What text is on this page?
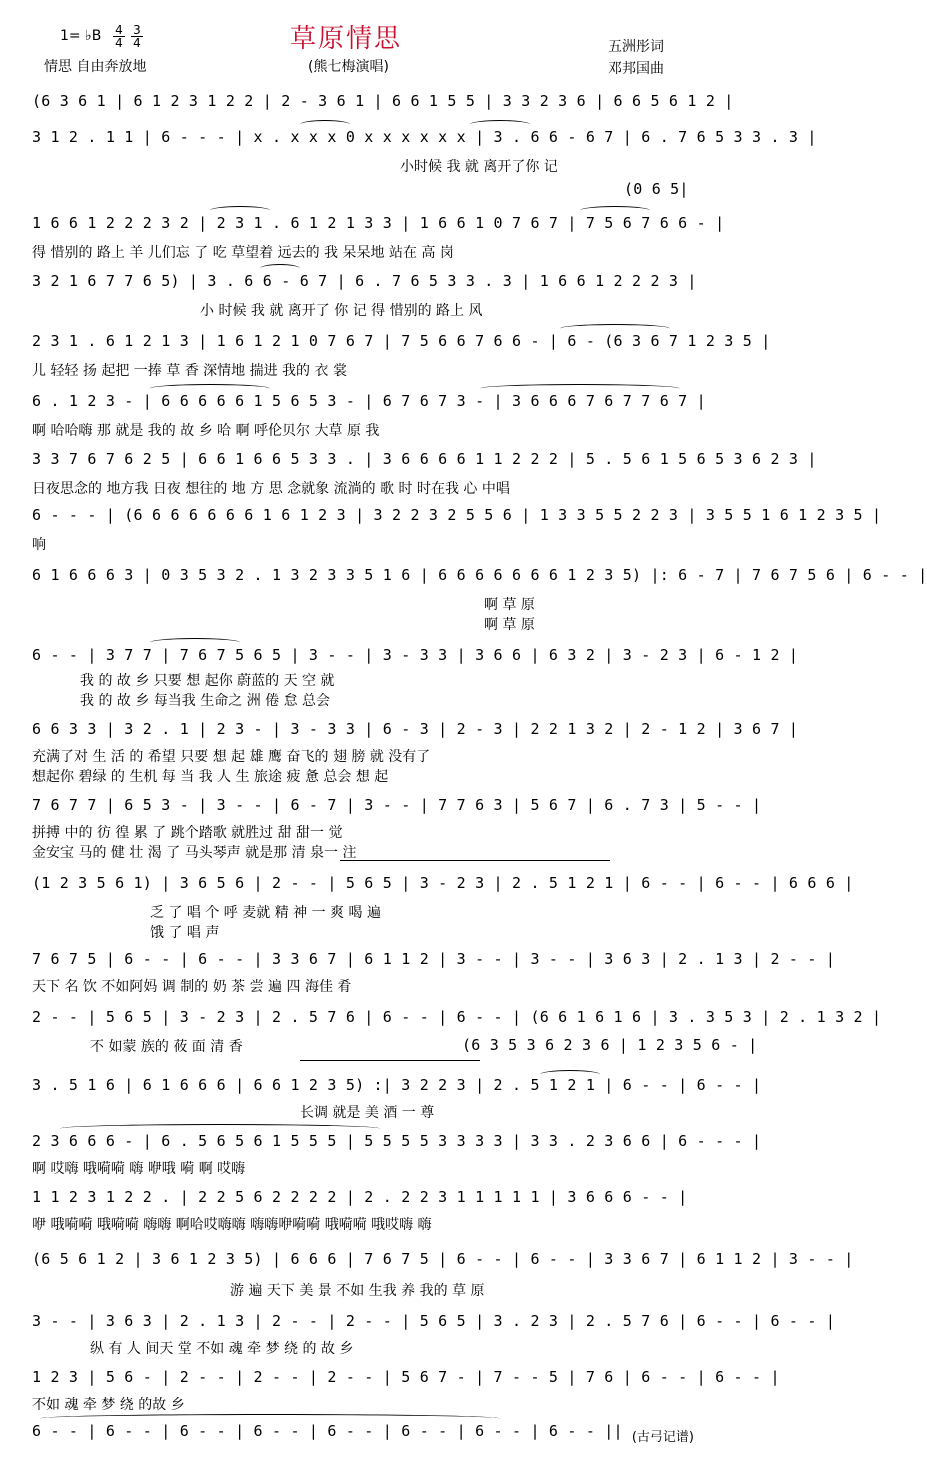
草原情思
(熊七梅演唱)
1= ♭B 4
4
3
4
情思 自由奔放地
五洲彤词
邓邦国曲
(6 3 6 1 | 6 1 2 3 1 2 2 | 2 - 3 6 1 | 6 6 1 5 5 | 3 3 2 3 6 | 6 6 5 6 1 2 |
3 1 2 . 1 1 | 6 - - - | x . x x x 0 x x x x x x | 3 . 6 6 - 6 7 | 6 . 7 6 5 3 3 . 3 |
小时候 我 就 离开了你 记
(0 6 5|
1 6 6 1 2 2 2 3 2 | 2 3 1 . 6 1 2 1 3 3 | 1 6 6 1 0 7 6 7 | 7 5 6 7 6 6 - |
得 惜别的 路上 羊 儿们忘 了 吃 草望着 远去的 我 呆呆地 站在 高 岗
3 2 1 6 7 7 6 5) | 3 . 6 6 - 6 7 | 6 . 7 6 5 3 3 . 3 | 1 6 6 1 2 2 2 3 |
小 时候 我 就 离开了 你 记 得 惜别的 路上 风
2 3 1 . 6 1 2 1 3 | 1 6 1 2 1 0 7 6 7 | 7 5 6 6 7 6 6 - | 6 - (6 3 6 7 1 2 3 5 |
儿 轻轻 扬 起把 一捧 草 香 深情地 揣进 我的 衣 裳
6 . 1 2 3 - | 6 6 6 6 6 1 5 6 5 3 - | 6 7 6 7 3 - | 3 6 6 6 7 6 7 7 6 7 |
啊 哈哈嗨 那 就是 我的 故 乡 哈 啊 呼伦贝尔 大草 原 我
3 3 7 6 7 6 2 5 | 6 6 1 6 6 5 3 3 . | 3 6 6 6 6 1 1 2 2 2 | 5 . 5 6 1 5 6 5 3 6 2 3 |
日夜思念的 地方我 日夜 想往的 地 方 思 念就象 流淌的 歌 时 时在我 心 中唱
6 - - - | (6 6 6 6 6 6 6 1 6 1 2 3 | 3 2 2 3 2 5 5 6 | 1 3 3 5 5 2 2 3 | 3 5 5 1 6 1 2 3 5 |
响
6 1 6 6 6 3 | 0 3 5 3 2 . 1 3 2 3 3 5 1 6 | 6 6 6 6 6 6 6 1 2 3 5) |: 6 - 7 | 7 6 7 5 6 | 6 - - |
啊 草 原
啊 草 原
6 - - | 3 7 7 | 7 6 7 5 6 5 | 3 - - | 3 - 3 3 | 3 6 6 | 6 3 2 | 3 - 2 3 | 6 - 1 2 |
我 的 故 乡 只要 想 起你 蔚蓝的 天 空 就
我 的 故 乡 每当我 生命之 洲 倦 怠 总会
6 6 3 3 | 3 2 . 1 | 2 3 - | 3 - 3 3 | 6 - 3 | 2 - 3 | 2 2 1 3 2 | 2 - 1 2 | 3 6 7 |
充满了对 生 活 的 希望 只要 想 起 雄 鹰 奋飞的 翅 膀 就 没有了
想起你 碧绿 的 生机 每 当 我 人 生 旅途 疲 惫 总会 想 起
7 6 7 7 | 6 5 3 - | 3 - - | 6 - 7 | 3 - - | 7 7 6 3 | 5 6 7 | 6 . 7 3 | 5 - - |
拼搏 中的 彷 徨 累 了 跳个踏歌 就胜过 甜 甜一 觉
金安宝 马的 健 壮 渴 了 马头琴声 就是那 清 泉一 注
(1 2 3 5 6 1) | 3 6 5 6 | 2 - - | 5 6 5 | 3 - 2 3 | 2 . 5 1 2 1 | 6 - - | 6 - - | 6 6 6 |
乏 了 唱 个 呼 麦就 精 神 一 爽 喝 遍
饿 了 唱 声
7 6 7 5 | 6 - - | 6 - - | 3 3 6 7 | 6 1 1 2 | 3 - - | 3 - - | 3 6 3 | 2 . 1 3 | 2 - - |
天下 名 饮 不如阿妈 调 制的 奶 茶 尝 遍 四 海佳 肴
2 - - | 5 6 5 | 3 - 2 3 | 2 . 5 7 6 | 6 - - | 6 - - | (6 6 1 6 1 6 | 3 . 3 5 3 | 2 . 1 3 2 |
不 如蒙 族的 莜 面 清 香	(6 3 5 3 6 2 3 6 | 1 2 3 5 6 - |
3 . 5 1 6 | 6 1 6 6 6 | 6 6 1 2 3 5) :| 3 2 2 3 | 2 . 5 1 2 1 | 6 - - | 6 - - |
长调 就是 美 酒 一 尊
2 3 6 6 6 - | 6 . 5 6 5 6 1 5 5 5 | 5 5 5 5 3 3 3 3 | 3 3 . 2 3 6 6 | 6 - - - |
啊 哎嗨 哦嗬嗬 嗨 咿哦 嗬 啊 哎嗨
1 1 2 3 1 2 2 . | 2 2 5 6 2 2 2 2 | 2 . 2 2 3 1 1 1 1 1 | 3 6 6 6 - - |
咿 哦嗬嗬 哦嗬嗬 嗨嗨 啊哈哎嗨嗨 嗨嗨咿嗬嗬 哦嗬嗬 哦哎嗨 嗨
(6 5 6 1 2 | 3 6 1 2 3 5) | 6 6 6 | 7 6 7 5 | 6 - - | 6 - - | 3 3 6 7 | 6 1 1 2 | 3 - - |
游 遍 天下 美 景 不如 生我 养 我的 草 原
3 - - | 3 6 3 | 2 . 1 3 | 2 - - | 2 - - | 5 6 5 | 3 . 2 3 | 2 . 5 7 6 | 6 - - | 6 - - |
纵 有 人 间天 堂 不如 魂 牵 梦 绕 的 故 乡
1 2 3 | 5 6 - | 2 - - | 2 - - | 2 - - | 5 6 7 - | 7 - - 5 | 7 6 | 6 - - | 6 - - |
不如 魂 牵 梦 绕 的故 乡
6 - - | 6 - - | 6 - - | 6 - - | 6 - - | 6 - - | 6 - - | 6 - - || (古弓记谱)
